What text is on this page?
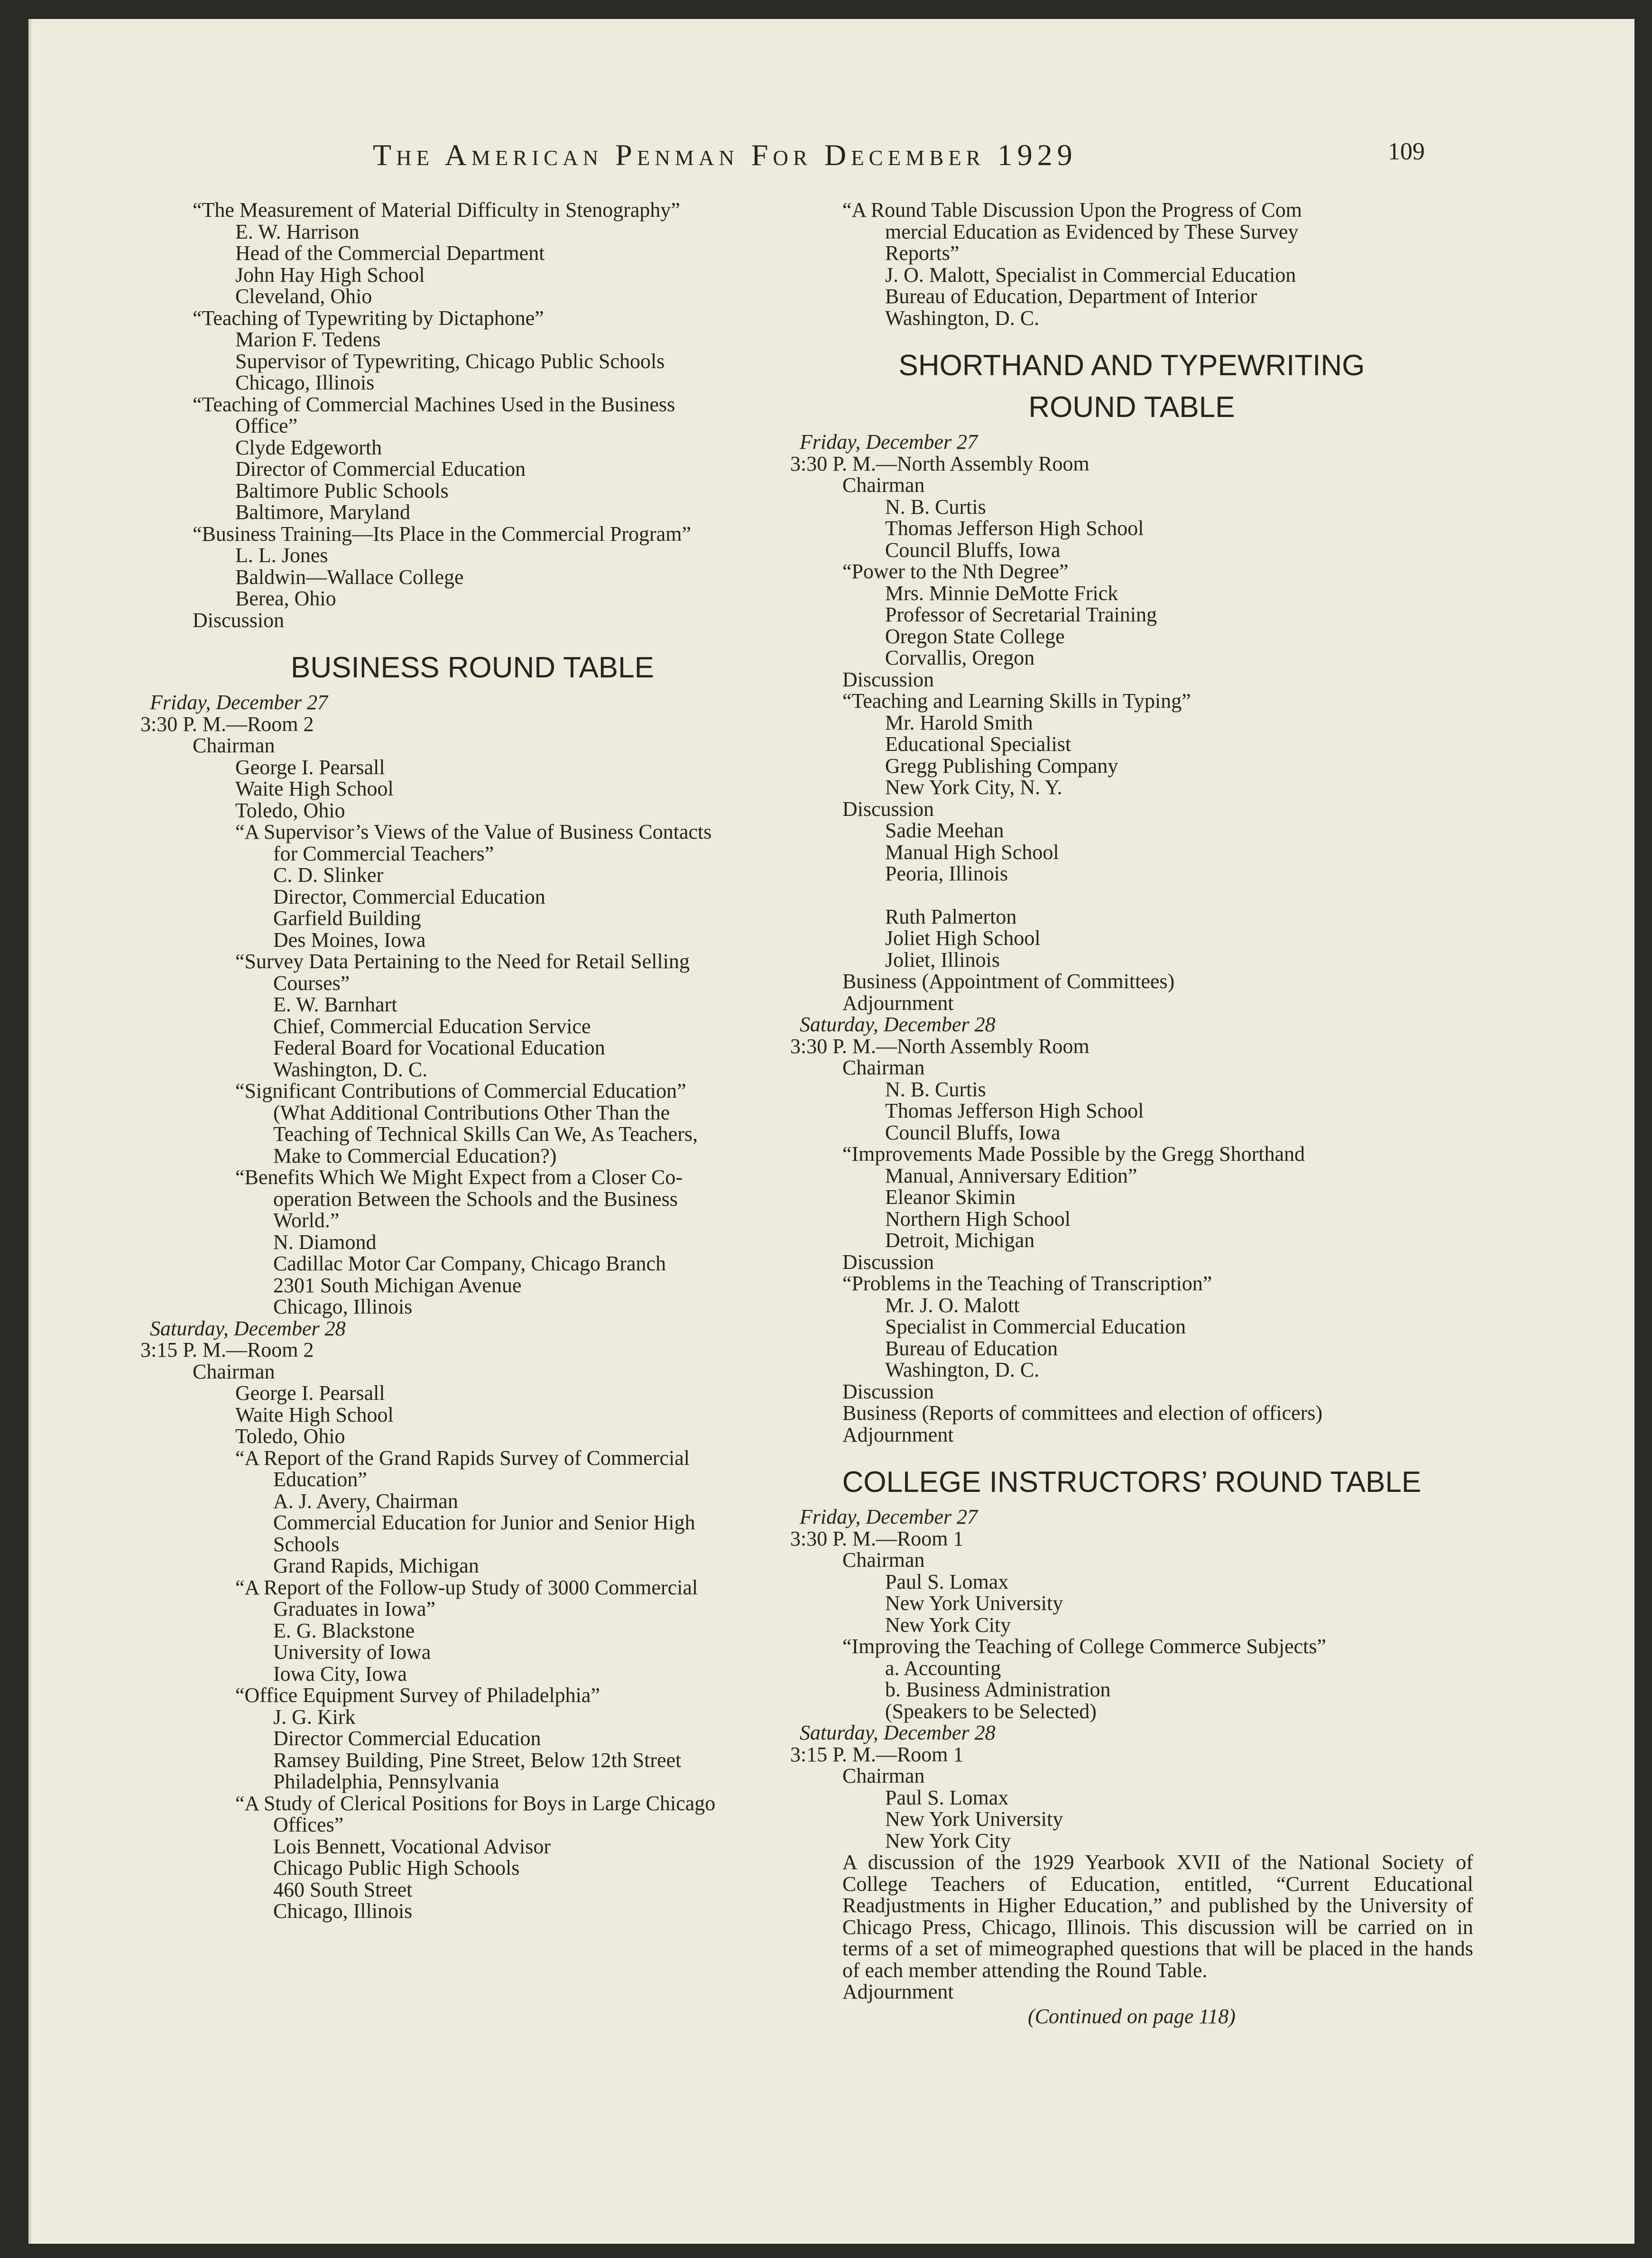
The American Penman For December 1929	109
“The Measurement of Material Difficulty in Stenography”
E. W. Harrison
Head of the Commercial Department
John Hay High School
Cleveland, Ohio
“Teaching of Typewriting by Dictaphone”
Marion F. Tedens
Supervisor of Typewriting, Chicago Public Schools
Chicago, Illinois
“Teaching of Commercial Machines Used in the Business
Office”
Clyde Edgeworth
Director of Commercial Education
Baltimore Public Schools
Baltimore, Maryland
“Business Training—Its Place in the Commercial Program”
L. L. Jones
Baldwin—Wallace College
Berea, Ohio
Discussion
BUSINESS ROUND TABLE
Friday, December 27
3:30 P. M.—Room 2
Chairman
George I. Pearsall
Waite High School
Toledo, Ohio
“A Supervisor’s Views of the Value of Business Contacts
for Commercial Teachers”
C. D. Slinker
Director, Commercial Education
Garfield Building
Des Moines, Iowa
“Survey Data Pertaining to the Need for Retail Selling
Courses”
E. W. Barnhart
Chief, Commercial Education Service
Federal Board for Vocational Education
Washington, D. C.
“Significant Contributions of Commercial Education”
(What Additional Contributions Other Than the
Teaching of Technical Skills Can We, As Teachers,
Make to Commercial Education?)
“Benefits Which We Might Expect from a Closer Co-
operation Between the Schools and the Business
World.”
N. Diamond
Cadillac Motor Car Company, Chicago Branch
2301 South Michigan Avenue
Chicago, Illinois
Saturday, December 28
3:15 P. M.—Room 2
Chairman
George I. Pearsall
Waite High School
Toledo, Ohio
“A Report of the Grand Rapids Survey of Commercial
Education”
A. J. Avery, Chairman
Commercial Education for Junior and Senior High
Schools
Grand Rapids, Michigan
“A Report of the Follow-up Study of 3000 Commercial
Graduates in Iowa”
E. G. Blackstone
University of Iowa
Iowa City, Iowa
“Office Equipment Survey of Philadelphia”
J. G. Kirk
Director Commercial Education
Ramsey Building, Pine Street, Below 12th Street
Philadelphia, Pennsylvania
“A Study of Clerical Positions for Boys in Large Chicago
Offices”
Lois Bennett, Vocational Advisor
Chicago Public High Schools
460 South Street
Chicago, Illinois
“A Round Table Discussion Upon the Progress of Com
mercial Education as Evidenced by These Survey
Reports”
J. O. Malott, Specialist in Commercial Education
Bureau of Education, Department of Interior
Washington, D. C.
SHORTHAND AND TYPEWRITING
ROUND TABLE
Friday, December 27
3:30 P. M.—North Assembly Room
Chairman
N. B. Curtis
Thomas Jefferson High School
Council Bluffs, Iowa
“Power to the Nth Degree”
Mrs. Minnie DeMotte Frick
Professor of Secretarial Training
Oregon State College
Corvallis, Oregon
Discussion
“Teaching and Learning Skills in Typing”
Mr. Harold Smith
Educational Specialist
Gregg Publishing Company
New York City, N. Y.
Discussion
Sadie Meehan
Manual High School
Peoria, Illinois
Ruth Palmerton
Joliet High School
Joliet, Illinois
Business (Appointment of Committees)
Adjournment
Saturday, December 28
3:30 P. M.—North Assembly Room
Chairman
N. B. Curtis
Thomas Jefferson High School
Council Bluffs, Iowa
“Improvements Made Possible by the Gregg Shorthand
Manual, Anniversary Edition”
Eleanor Skimin
Northern High School
Detroit, Michigan
Discussion
“Problems in the Teaching of Transcription”
Mr. J. O. Malott
Specialist in Commercial Education
Bureau of Education
Washington, D. C.
Discussion
Business (Reports of committees and election of officers)
Adjournment
COLLEGE INSTRUCTORS’ ROUND TABLE
Friday, December 27
3:30 P. M.—Room 1
Chairman
Paul S. Lomax
New York University
New York City
“Improving the Teaching of College Commerce Subjects”
a. Accounting
b. Business Administration
(Speakers to be Selected)
Saturday, December 28
3:15 P. M.—Room 1
Chairman
Paul S. Lomax
New York University
New York City
A discussion of the 1929 Yearbook XVII of the National Society of College Teachers of Education, entitled, “Current Educational Readjustments in Higher Education,” and published by the University of Chicago Press, Chicago, Illinois. This discussion will be carried on in terms of a set of mimeographed questions that will be placed in the hands of each member attending the Round Table.
Adjournment
(Continued on page 118)
